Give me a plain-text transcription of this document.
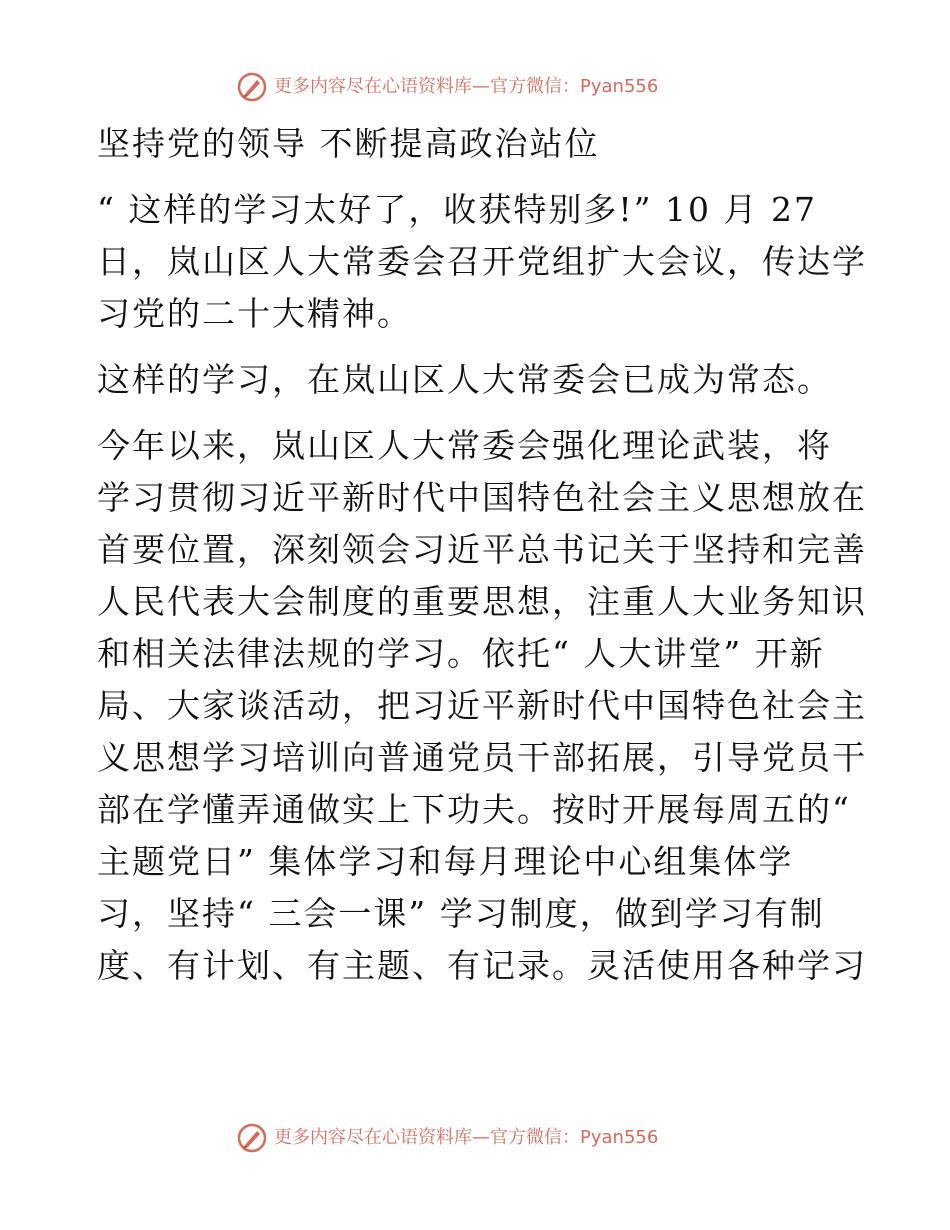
更多内容尽在心语资料库—官方微信：Pyan556

坚持党的领导 不断提高政治站位

“ 这样的学习太好了，收获特别多!” 10 月 27

日，岚山区人大常委会召开党组扩大会议，传达学

习党的二十大精神。

这样的学习，在岚山区人大常委会已成为常态。

今年以来，岚山区人大常委会强化理论武装，将

学习贯彻习近平新时代中国特色社会主义思想放在

首要位置，深刻领会习近平总书记关于坚持和完善

人民代表大会制度的重要思想，注重人大业务知识

和相关法律法规的学习。依托“ 人大讲堂” 开新

局、大家谈活动，把习近平新时代中国特色社会主

义思想学习培训向普通党员干部拓展，引导党员干

部在学懂弄通做实上下功夫。按时开展每周五的“

主题党日” 集体学习和每月理论中心组集体学

习，坚持“ 三会一课” 学习制度，做到学习有制

度、有计划、有主题、有记录。灵活使用各种学习

更多内容尽在心语资料库—官方微信：Pyan556
